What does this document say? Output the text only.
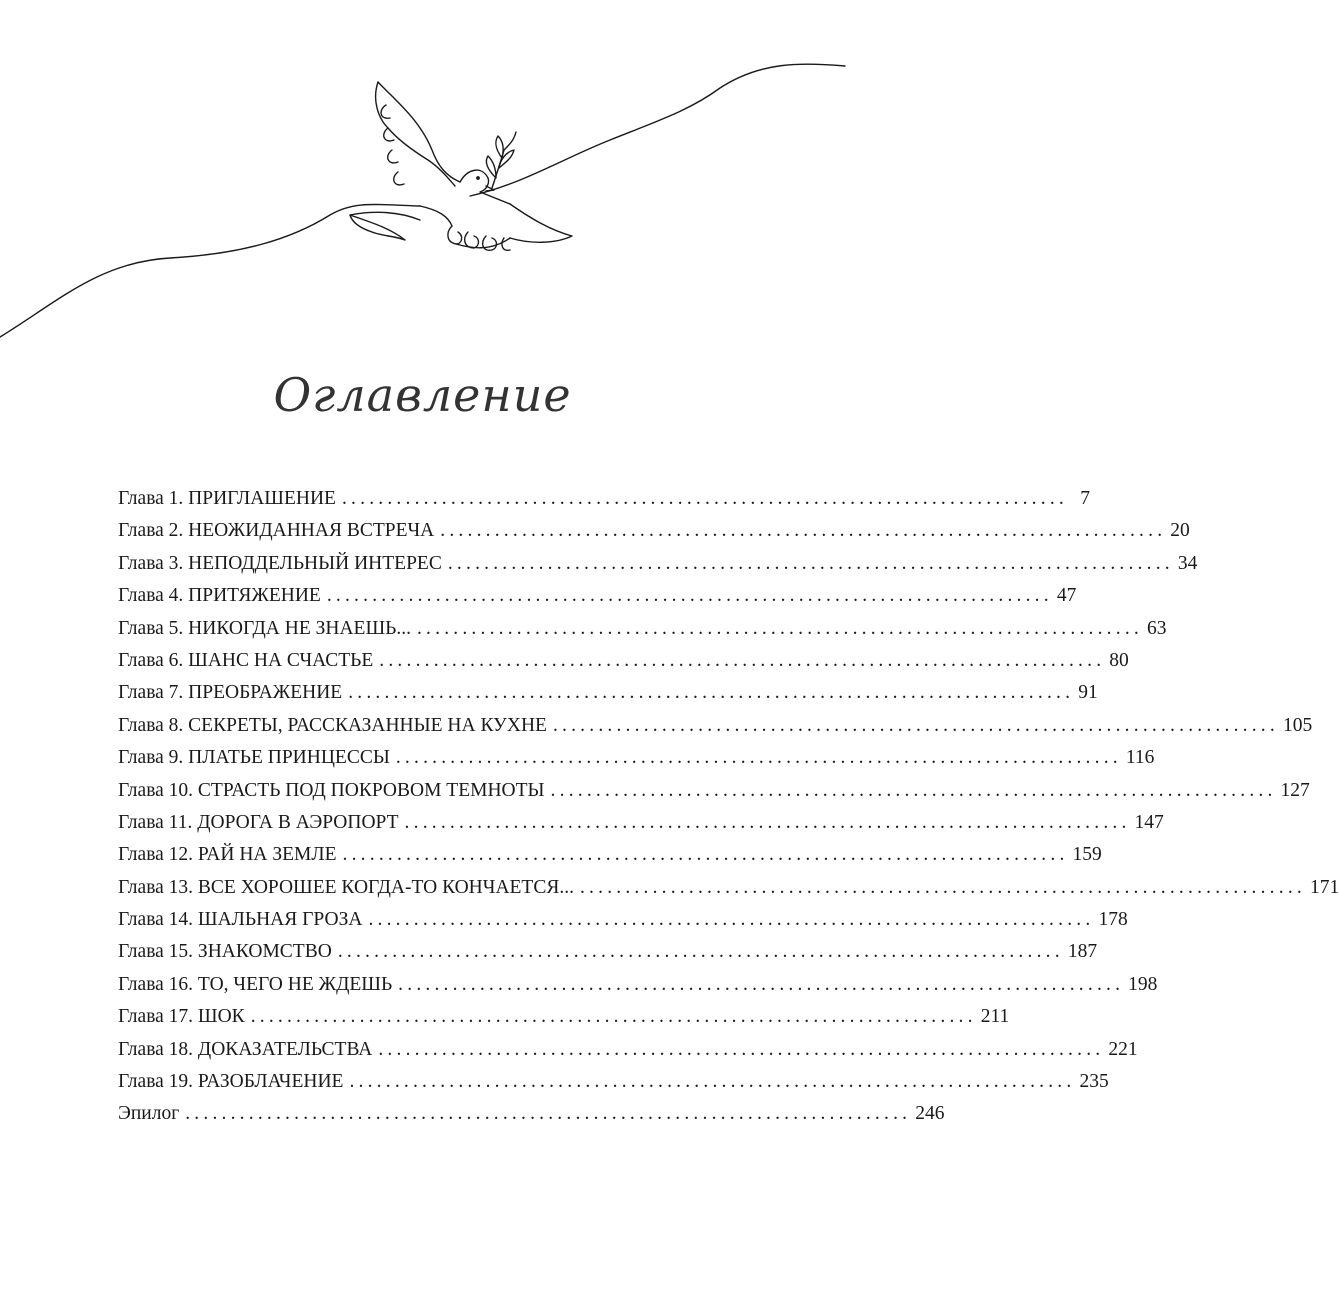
Оглавление
Глава 1. ПРИГЛАШЕНИЕ ................................................................................ 7
Глава 2. НЕОЖИДАННАЯ ВСТРЕЧА ................................................................................ 20
Глава 3. НЕПОДДЕЛЬНЫЙ ИНТЕРЕС ................................................................................ 34
Глава 4. ПРИТЯЖЕНИЕ ................................................................................ 47
Глава 5. НИКОГДА НЕ ЗНАЕШЬ... ................................................................................ 63
Глава 6. ШАНС НА СЧАСТЬЕ ................................................................................ 80
Глава 7. ПРЕОБРАЖЕНИЕ ................................................................................ 91
Глава 8. СЕКРЕТЫ, РАССКАЗАННЫЕ НА КУХНЕ ................................................................................ 105
Глава 9. ПЛАТЬЕ ПРИНЦЕССЫ ................................................................................ 116
Глава 10. СТРАСТЬ ПОД ПОКРОВОМ ТЕМНОТЫ ................................................................................ 127
Глава 11. ДОРОГА В АЭРОПОРТ ................................................................................ 147
Глава 12. РАЙ НА ЗЕМЛЕ ................................................................................ 159
Глава 13. ВСЕ ХОРОШЕЕ КОГДА-ТО КОНЧАЕТСЯ... ................................................................................ 171
Глава 14. ШАЛЬНАЯ ГРОЗА ................................................................................ 178
Глава 15. ЗНАКОМСТВО ................................................................................ 187
Глава 16. ТО, ЧЕГО НЕ ЖДЕШЬ ................................................................................ 198
Глава 17. ШОК ................................................................................ 211
Глава 18. ДОКАЗАТЕЛЬСТВА ................................................................................ 221
Глава 19. РАЗОБЛАЧЕНИЕ ................................................................................ 235
Эпилог ................................................................................ 246
